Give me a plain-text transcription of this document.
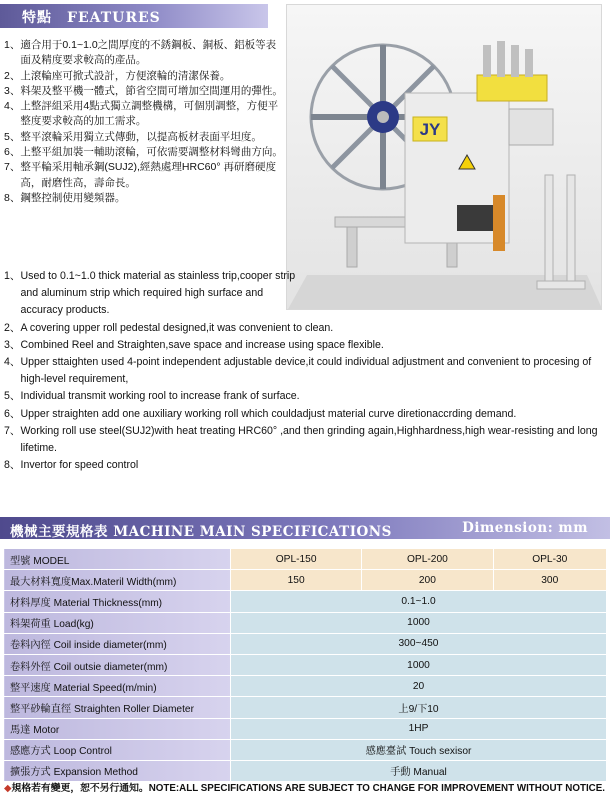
特點　FEATURES
JY
1、 適合用于0.1~1.0之間厚度的不銹鋼板、銅板、鋁板等表面及精度要求較高的產品。
2、 上滾輪座可掀式設計，方便滾輪的清潔保養。
3、 料架及整平機一體式，節省空間可增加空間運用的彈性。
4、 上整評組采用4點式獨立調整機構，可個別調整，方便平整度要求較高的加工需求。
5、 整平滾輪采用獨立式傳動，以提高板材表面平坦度。
6、 上整平組加裝一輔助滾輪，可依需要調整材料彎曲方向。
7、 整平輪采用軸承鋼(SUJ2),經熱處理HRC60° 再研磨硬度高，耐磨性高，壽命長。
8、 鋼整控制使用變頻器。
1、 Used to 0.1~1.0 thick material as stainless trip,cooper strip and aluminum strip which required high surface and accuracy products.
2、 A covering upper roll pedestal designed,it was convenient to clean.
3、 Combined Reel and Straighten,save space and increase using space flexible.
4、 Upper sttaighten used 4-point independent adjustable device,it could individual adjustment and convenient to procesing of high-level requirement,
5、 Individual transmit working rool to increase frank of surface.
6、 Upper straighten add one auxiliary working roll which couldadjust material curve diretionaccrding demand.
7、 Working roll use steel(SUJ2)with heat treating HRC60° ,and then grinding again,Highhardness,high wear-resisting and long lifetime.
8、 Invertor for speed control
機械主要規格表 MACHINE MAIN SPECIFICATIONS	Dimension: mm
型號 MODEL	OPL-150	OPL-200	OPL-30
最大材料寬度Max.Materil Width(mm)	150	200	300
材料厚度 Material Thickness(mm)	0.1~1.0		
料架荷重 Load(kg)	1000		
卷料內徑 Coil inside diameter(mm)	300~450		
卷料外徑 Coil outsie diameter(mm)	1000		
整平速度 Material Speed(m/min)	20		
整平砂輪直徑 Straighten Roller Diameter	上9/下10		
馬達 Motor	1HP		
感應方式 Loop Control	感應臺試 Touch sexisor		
擴張方式 Expansion Method	手動 Manual		
◆規格若有變更，恕不另行通知。NOTE:ALL SPECIFICATIONS ARE SUBJECT TO CHANGE FOR IMPROVEMENT WITHOUT NOTICE.
